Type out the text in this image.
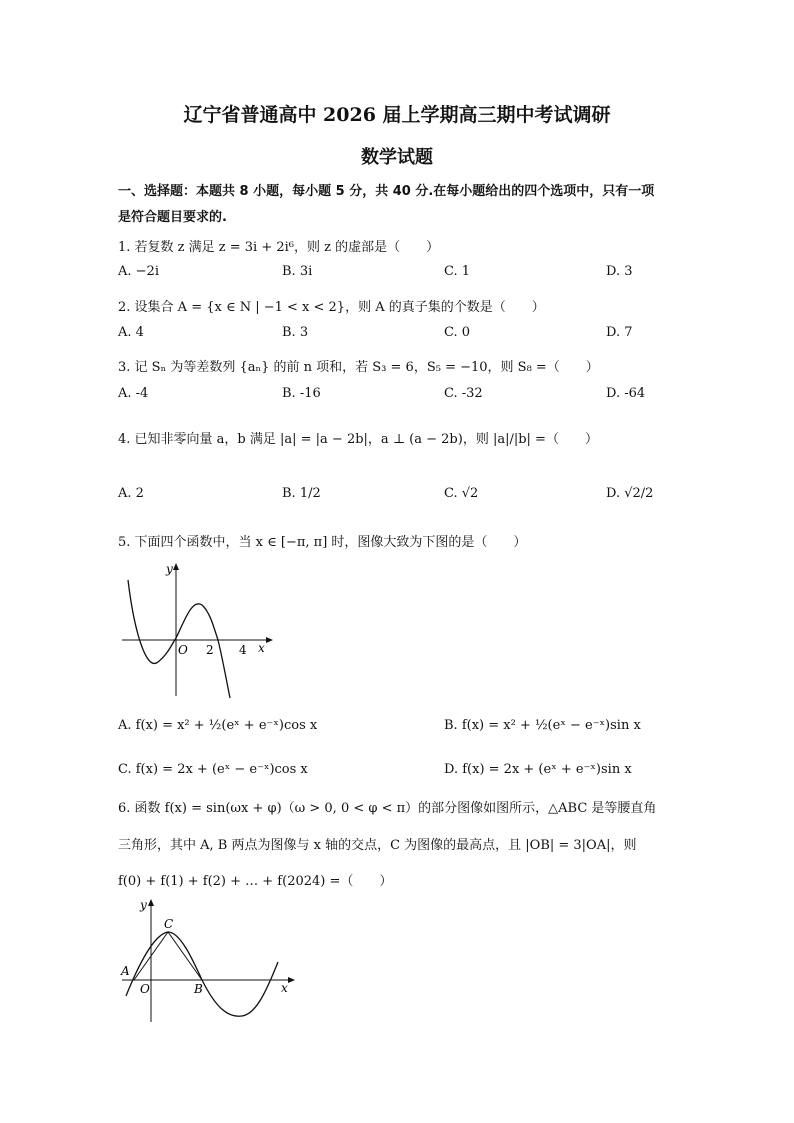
辽宁省普通高中 2026 届上学期高三期中考试调研
数学试题
一、选择题：本题共 8 小题，每小题 5 分，共 40 分.在每小题给出的四个选项中，只有一项
是符合题目要求的.
1. 若复数 z 满足 z = 3i + 2i⁶，则 z 的虚部是（　　）
A. −2i	B. 3i	C. 1	D. 3
2. 设集合 A = {x ∈ N | −1 < x < 2}，则 A 的真子集的个数是（　　）
A. 4	B. 3	C. 0	D. 7
3. 记 Sₙ 为等差数列 {aₙ} 的前 n 项和，若 S₃ = 6，S₅ = −10，则 S₈ =（　　）
A. -4	B. -16	C. -32	D. -64
4. 已知非零向量 a，b 满足 |a| = |a − 2b|，a ⊥ (a − 2b)，则 |a|/|b| =（　　）
A. 2	B. 1/2	C. √2	D. √2/2
5. 下面四个函数中，当 x ∈ [−π, π] 时，图像大致为下图的是（　　）
y
x
O 2 4
A. f(x) = x² + ½(eˣ + e⁻ˣ)cos x	B. f(x) = x² + ½(eˣ − e⁻ˣ)sin x
C. f(x) = 2x + (eˣ − e⁻ˣ)cos x	D. f(x) = 2x + (eˣ + e⁻ˣ)sin x
6. 函数 f(x) = sin(ωx + φ)（ω > 0, 0 < φ < π）的部分图像如图所示，△ABC 是等腰直角
三角形，其中 A, B 两点为图像与 x 轴的交点，C 为图像的最高点，且 |OB| = 3|OA|，则
f(0) + f(1) + f(2) + … + f(2024) =（　　）
y
x
O
A
B
C
